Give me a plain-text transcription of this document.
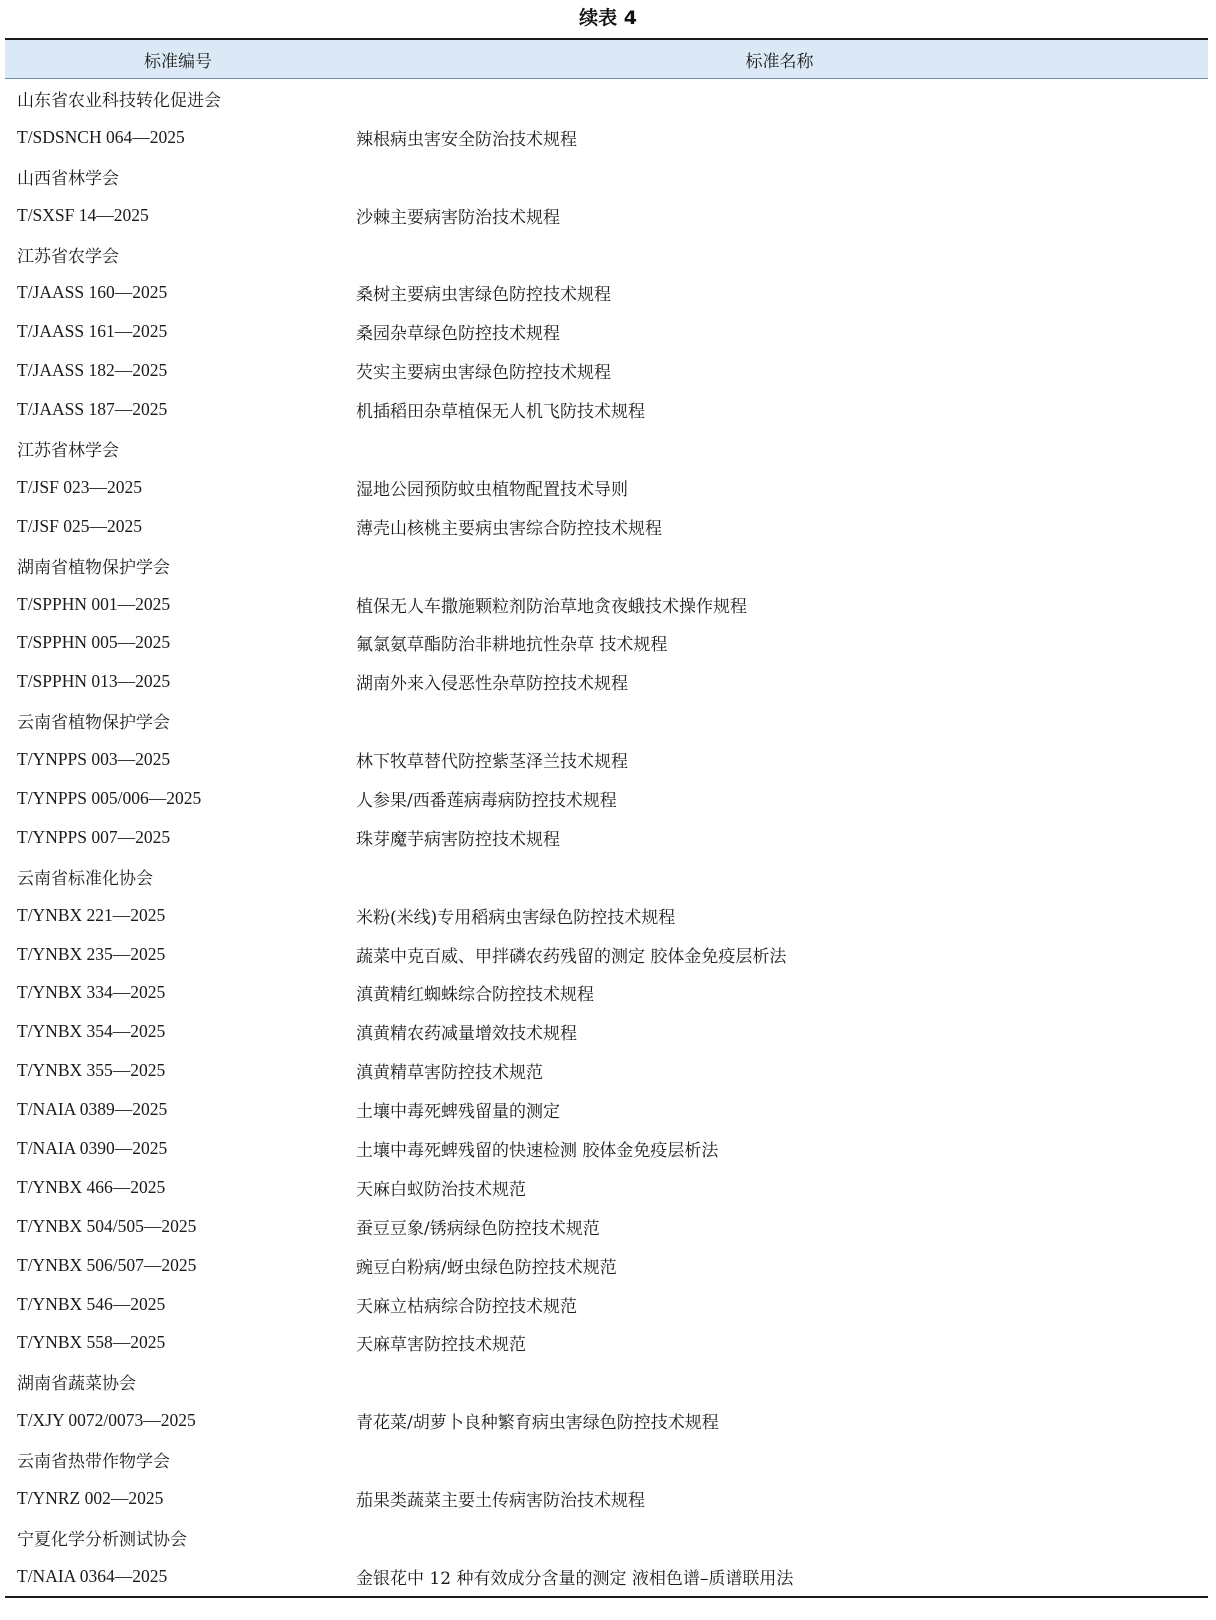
续表 4
标准编号	标准名称
山东省农业科技转化促进会
T/SDSNCH 064—2025	辣根病虫害安全防治技术规程
山西省林学会
T/SXSF 14—2025	沙棘主要病害防治技术规程
江苏省农学会
T/JAASS 160—2025	桑树主要病虫害绿色防控技术规程
T/JAASS 161—2025	桑园杂草绿色防控技术规程
T/JAASS 182—2025	芡实主要病虫害绿色防控技术规程
T/JAASS 187—2025	机插稻田杂草植保无人机飞防技术规程
江苏省林学会
T/JSF 023—2025	湿地公园预防蚊虫植物配置技术导则
T/JSF 025—2025	薄壳山核桃主要病虫害综合防控技术规程
湖南省植物保护学会
T/SPPHN 001—2025	植保无人车撒施颗粒剂防治草地贪夜蛾技术操作规程
T/SPPHN 005—2025	氟氯氨草酯防治非耕地抗性杂草 技术规程
T/SPPHN 013—2025	湖南外来入侵恶性杂草防控技术规程
云南省植物保护学会
T/YNPPS 003—2025	林下牧草替代防控紫茎泽兰技术规程
T/YNPPS 005/006—2025	人参果/西番莲病毒病防控技术规程
T/YNPPS 007—2025	珠芽魔芋病害防控技术规程
云南省标准化协会
T/YNBX 221—2025	米粉(米线)专用稻病虫害绿色防控技术规程
T/YNBX 235—2025	蔬菜中克百威、甲拌磷农药残留的测定 胶体金免疫层析法
T/YNBX 334—2025	滇黄精红蜘蛛综合防控技术规程
T/YNBX 354—2025	滇黄精农药减量增效技术规程
T/YNBX 355—2025	滇黄精草害防控技术规范
T/NAIA 0389—2025	土壤中毒死蜱残留量的测定
T/NAIA 0390—2025	土壤中毒死蜱残留的快速检测 胶体金免疫层析法
T/YNBX 466—2025	天麻白蚁防治技术规范
T/YNBX 504/505—2025	蚕豆豆象/锈病绿色防控技术规范
T/YNBX 506/507—2025	豌豆白粉病/蚜虫绿色防控技术规范
T/YNBX 546—2025	天麻立枯病综合防控技术规范
T/YNBX 558—2025	天麻草害防控技术规范
湖南省蔬菜协会
T/XJY 0072/0073—2025	青花菜/胡萝卜良种繁育病虫害绿色防控技术规程
云南省热带作物学会
T/YNRZ 002—2025	茄果类蔬菜主要土传病害防治技术规程
宁夏化学分析测试协会
T/NAIA 0364—2025	金银花中 12 种有效成分含量的测定 液相色谱–质谱联用法
